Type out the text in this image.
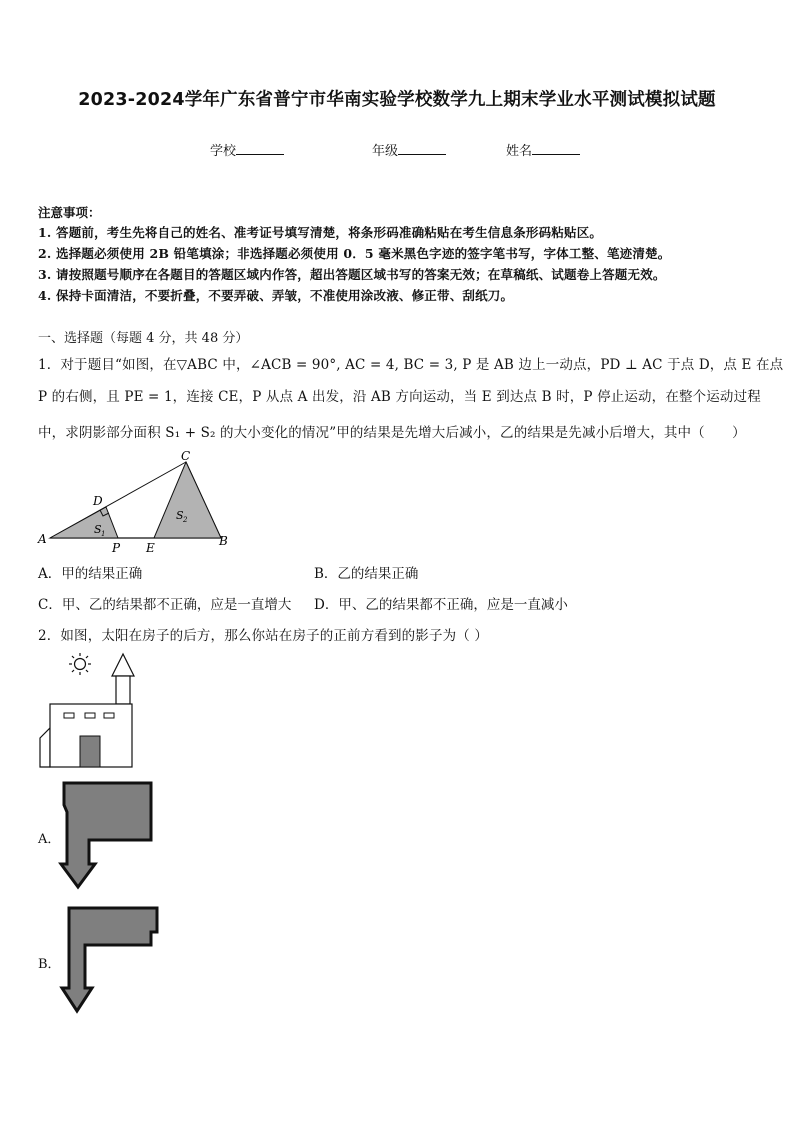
2023-2024学年广东省普宁市华南实验学校数学九上期末学业水平测试模拟试题
学校	年级	姓名
注意事项：
1. 答题前，考生先将自己的姓名、准考证号填写清楚，将条形码准确粘贴在考生信息条形码粘贴区。
2. 选择题必须使用 2B 铅笔填涂；非选择题必须使用 0．5 毫米黑色字迹的签字笔书写，字体工整、笔迹清楚。
3. 请按照题号顺序在各题目的答题区域内作答，超出答题区域书写的答案无效；在草稿纸、试题卷上答题无效。
4. 保持卡面清洁，不要折叠，不要弄破、弄皱，不准使用涂改液、修正带、刮纸刀。
一、选择题（每题 4 分，共 48 分）
1．对于题目“如图，在▽ABC 中，∠ACB = 90°, AC = 4, BC = 3, P 是 AB 边上一动点，PD ⊥ AC 于点 D，点 E 在点
P 的右侧，且 PE = 1，连接 CE，P 从点 A 出发，沿 AB 方向运动，当 E 到达点 B 时，P 停止运动，在整个运动过程
中，求阴影部分面积 S₁ + S₂ 的大小变化的情况”甲的结果是先增大后减小，乙的结果是先减小后增大，其中（　　）
A	B
C
D
P E
S 1
S 2
A．甲的结果正确	B．乙的结果正确
C．甲、乙的结果都不正确，应是一直增大 D．甲、乙的结果都不正确，应是一直减小
2．如图，太阳在房子的后方，那么你站在房子的正前方看到的影子为（ ）
A．
B．
